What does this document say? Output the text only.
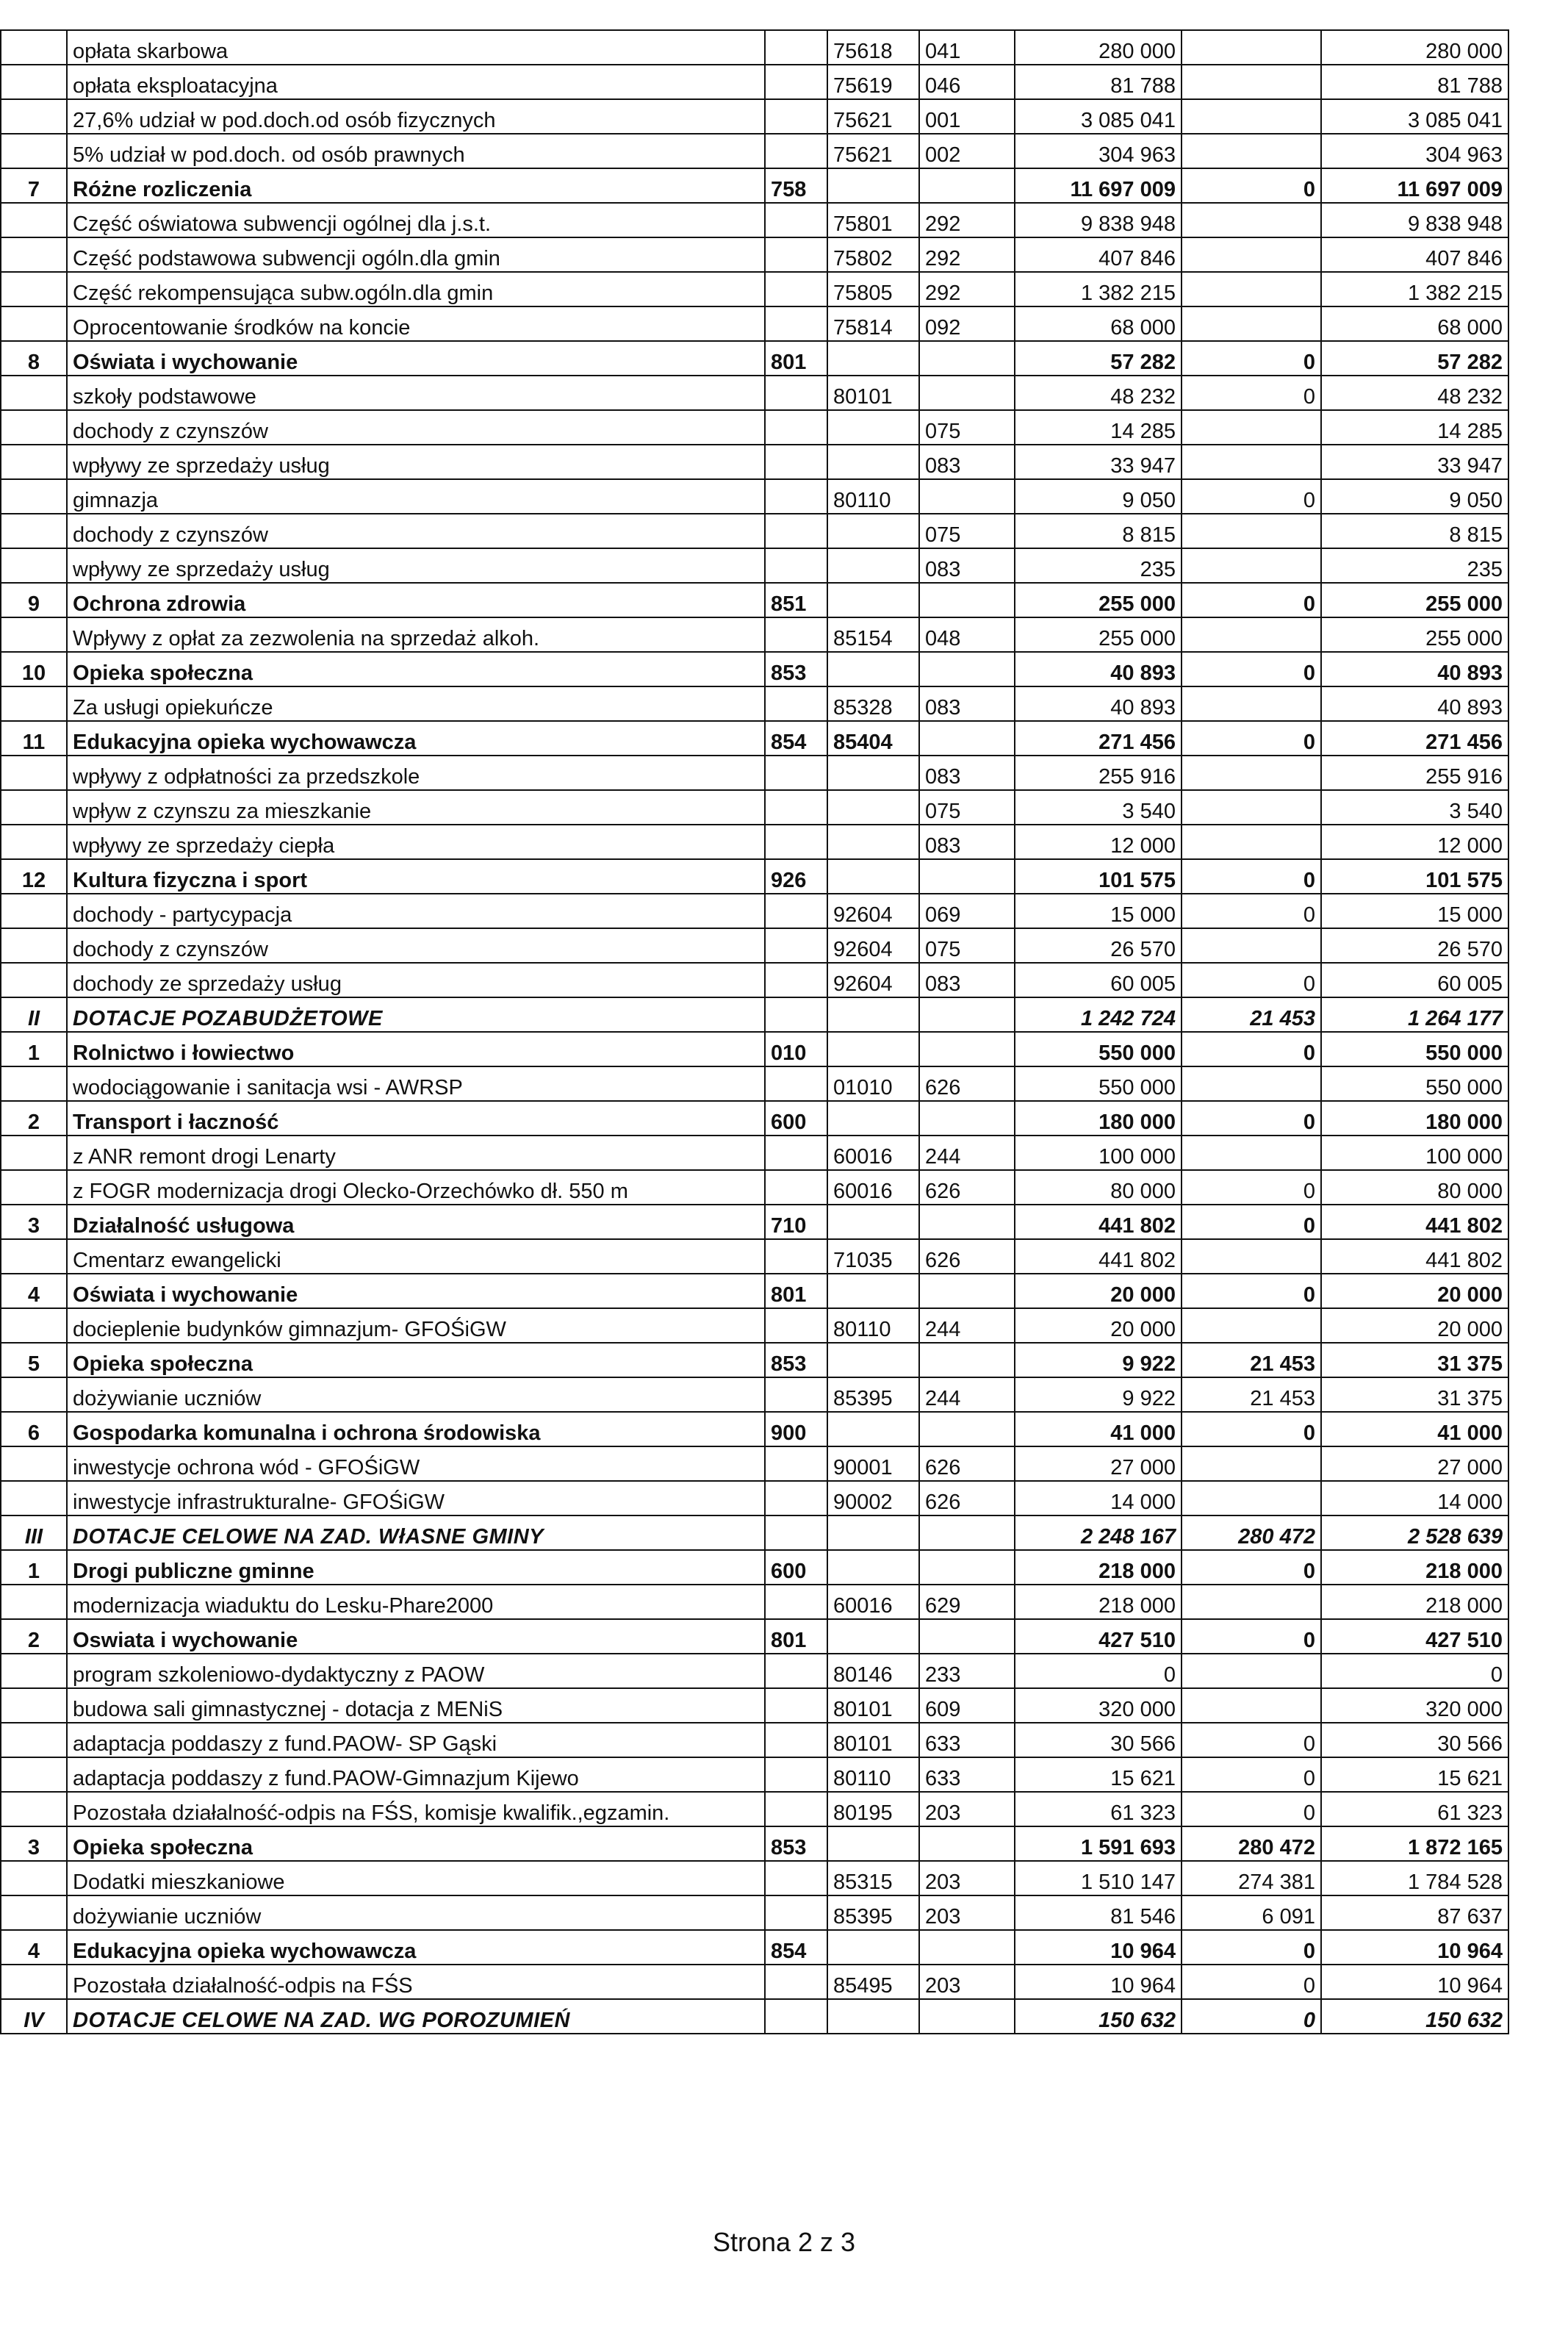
	opłata skarbowa		75618	041	280 000		280 000
	opłata eksploatacyjna		75619	046	81 788		81 788
	27,6% udział w pod.doch.od osób fizycznych		75621	001	3 085 041		3 085 041
	5% udział w pod.doch. od osób prawnych		75621	002	304 963		304 963
7	Różne rozliczenia	758			11 697 009	0	11 697 009
	Część oświatowa subwencji ogólnej dla j.s.t.		75801	292	9 838 948		9 838 948
	Część podstawowa subwencji ogóln.dla gmin		75802	292	407 846		407 846
	Część rekompensująca subw.ogóln.dla gmin		75805	292	1 382 215		1 382 215
	Oprocentowanie środków na koncie		75814	092	68 000		68 000
8	Oświata i wychowanie	801			57 282	0	57 282
	szkoły podstawowe		80101		48 232	0	48 232
	dochody z czynszów			075	14 285		14 285
	wpływy ze sprzedaży usług			083	33 947		33 947
	gimnazja		80110		9 050	0	9 050
	dochody z czynszów			075	8 815		8 815
	wpływy ze sprzedaży usług			083	235		235
9	Ochrona zdrowia	851			255 000	0	255 000
	Wpływy z opłat za zezwolenia na sprzedaż alkoh.		85154	048	255 000		255 000
10	Opieka społeczna	853			40 893	0	40 893
	Za usługi opiekuńcze		85328	083	40 893		40 893
11	Edukacyjna opieka wychowawcza	854	85404		271 456	0	271 456
	wpływy z odpłatności za przedszkole			083	255 916		255 916
	wpływ z czynszu za mieszkanie			075	3 540		3 540
	wpływy ze sprzedaży ciepła			083	12 000		12 000
12	Kultura fizyczna i sport	926			101 575	0	101 575
	dochody - partycypacja		92604	069	15 000	0	15 000
	dochody z czynszów		92604	075	26 570		26 570
	dochody ze sprzedaży usług		92604	083	60 005	0	60 005
II	DOTACJE POZABUDŻETOWE				1 242 724	21 453	1 264 177
1	Rolnictwo i łowiectwo	010			550 000	0	550 000
	wodociągowanie i sanitacja wsi - AWRSP		01010	626	550 000		550 000
2	Transport i łaczność	600			180 000	0	180 000
	z ANR remont drogi Lenarty		60016	244	100 000		100 000
	z FOGR modernizacja drogi Olecko-Orzechówko dł. 550 m		60016	626	80 000	0	80 000
3	Działalność usługowa	710			441 802	0	441 802
	Cmentarz ewangelicki		71035	626	441 802		441 802
4	Oświata i wychowanie	801			20 000	0	20 000
	docieplenie budynków gimnazjum- GFOŚiGW		80110	244	20 000		20 000
5	Opieka społeczna	853			9 922	21 453	31 375
	dożywianie uczniów		85395	244	9 922	21 453	31 375
6	Gospodarka komunalna i ochrona środowiska	900			41 000	0	41 000
	inwestycje ochrona wód - GFOŚiGW		90001	626	27 000		27 000
	inwestycje infrastrukturalne- GFOŚiGW		90002	626	14 000		14 000
III	DOTACJE CELOWE NA ZAD. WłASNE GMINY				2 248 167	280 472	2 528 639
1	Drogi publiczne gminne	600			218 000	0	218 000
	modernizacja wiaduktu do Lesku-Phare2000		60016	629	218 000		218 000
2	Oswiata i wychowanie	801			427 510	0	427 510
	program szkoleniowo-dydaktyczny z PAOW		80146	233	0		0
	budowa sali gimnastycznej - dotacja z MENiS		80101	609	320 000		320 000
	adaptacja poddaszy z fund.PAOW- SP Gąski		80101	633	30 566	0	30 566
	adaptacja poddaszy z fund.PAOW-Gimnazjum Kijewo		80110	633	15 621	0	15 621
	Pozostała działalność-odpis na FŚS, komisje kwalifik.,egzamin.		80195	203	61 323	0	61 323
3	Opieka społeczna	853			1 591 693	280 472	1 872 165
	Dodatki mieszkaniowe		85315	203	1 510 147	274 381	1 784 528
	dożywianie uczniów		85395	203	81 546	6 091	87 637
4	Edukacyjna opieka wychowawcza	854			10 964	0	10 964
	Pozostała działalność-odpis na FŚS		85495	203	10 964	0	10 964
IV	DOTACJE CELOWE NA ZAD. WG POROZUMIEŃ				150 632	0	150 632
Strona 2 z 3
